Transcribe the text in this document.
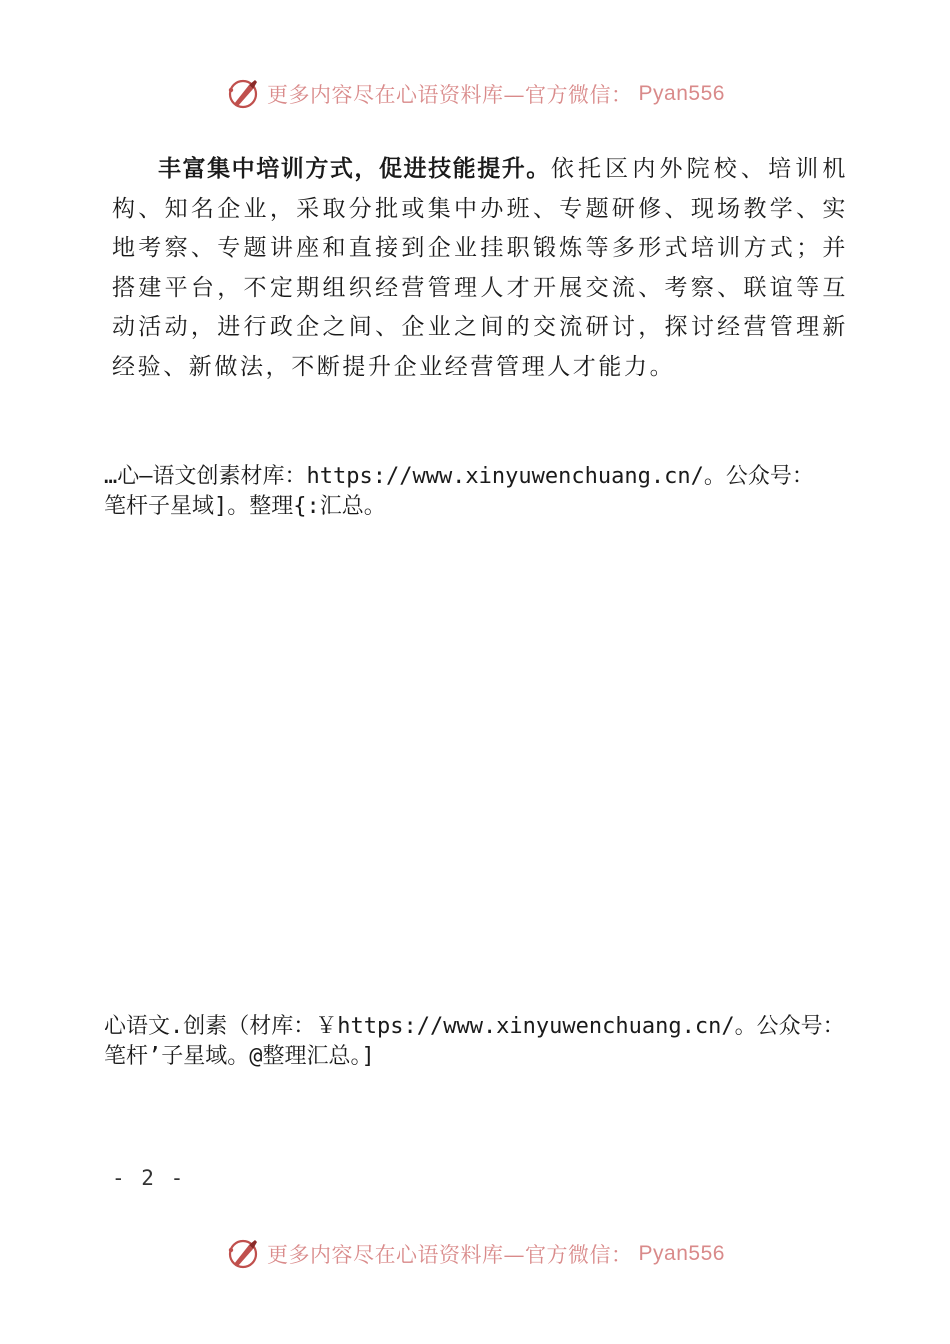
更多内容尽在心语资料库—官方微信： Pyan556

丰富集中培训方式，促进技能提升。依托区内外院校、培训机构、知名企业，采取分批或集中办班、专题研修、现场教学、实地考察、专题讲座和直接到企业挂职锻炼等多形式培训方式；并搭建平台，不定期组织经营管理人才开展交流、考察、联谊等互动活动，进行政企之间、企业之间的交流研讨，探讨经营管理新经验、新做法，不断提升企业经营管理人才能力。

…心—语文创素材库：https://www.xinyuwenchuang.cn/。公众号：
笔杆子星域]。整理{:汇总。
心语文.创素（材库：￥https://www.xinyuwenchuang.cn/。公众号：
笔杆’子星域。@整理汇总。]
- 2 -
更多内容尽在心语资料库—官方微信： Pyan556
